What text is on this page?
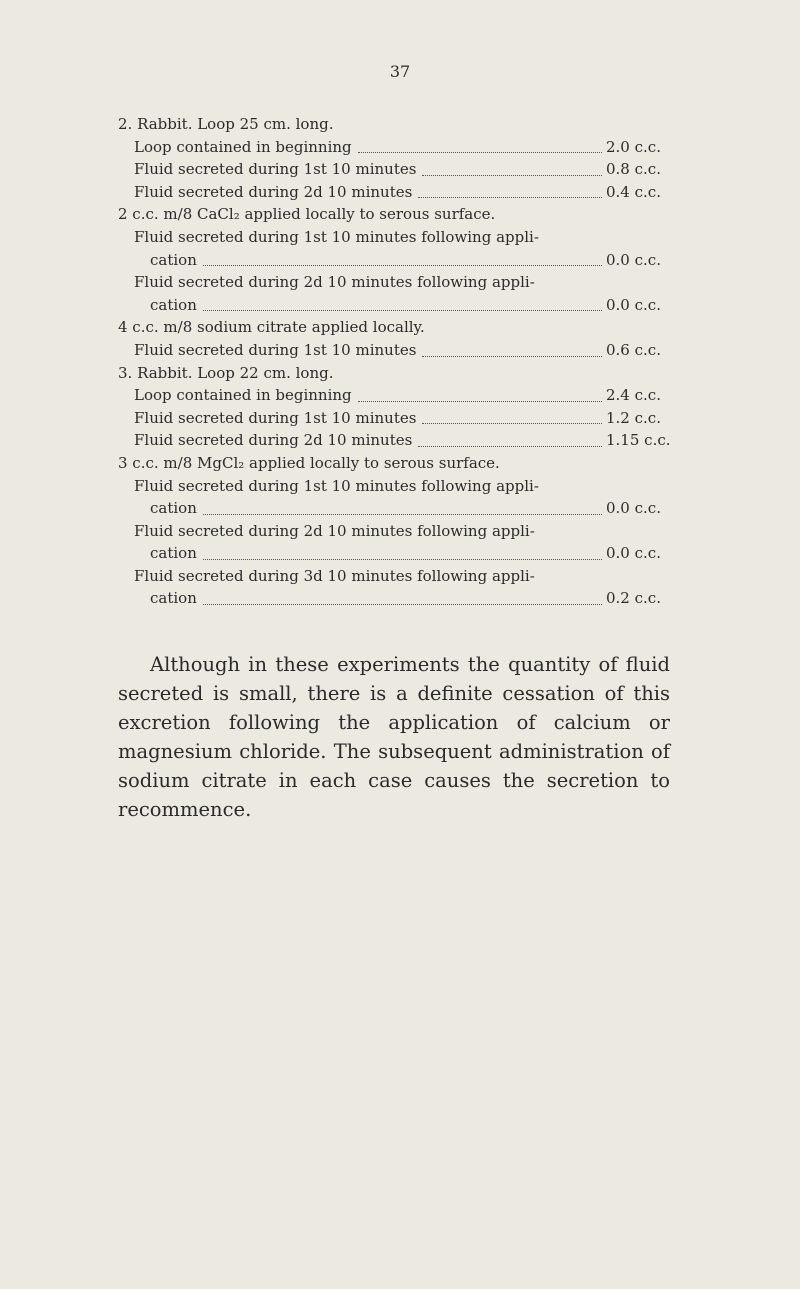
37
2. Rabbit. Loop 25 cm. long.
Loop contained in beginning	2.0 c.c.
Fluid secreted during 1st 10 minutes	0.8 c.c.
Fluid secreted during 2d 10 minutes	0.4 c.c.
2 c.c. m/8 CaCl₂ applied locally to serous surface.
Fluid secreted during 1st 10 minutes following appli-
cation	0.0 c.c.
Fluid secreted during 2d 10 minutes following appli-
cation	0.0 c.c.
4 c.c. m/8 sodium citrate applied locally.
Fluid secreted during 1st 10 minutes	0.6 c.c.
3. Rabbit. Loop 22 cm. long.
Loop contained in beginning	2.4 c.c.
Fluid secreted during 1st 10 minutes	1.2 c.c.
Fluid secreted during 2d 10 minutes	1.15 c.c.
3 c.c. m/8 MgCl₂ applied locally to serous surface.
Fluid secreted during 1st 10 minutes following appli-
cation	0.0 c.c.
Fluid secreted during 2d 10 minutes following appli-
cation	0.0 c.c.
Fluid secreted during 3d 10 minutes following appli-
cation	0.2 c.c.
Although in these experiments the quantity of fluid secreted is small, there is a definite cessation of this excretion following the application of calcium or magnesium chloride. The subsequent administration of sodium citrate in each case causes the secretion to recommence.
